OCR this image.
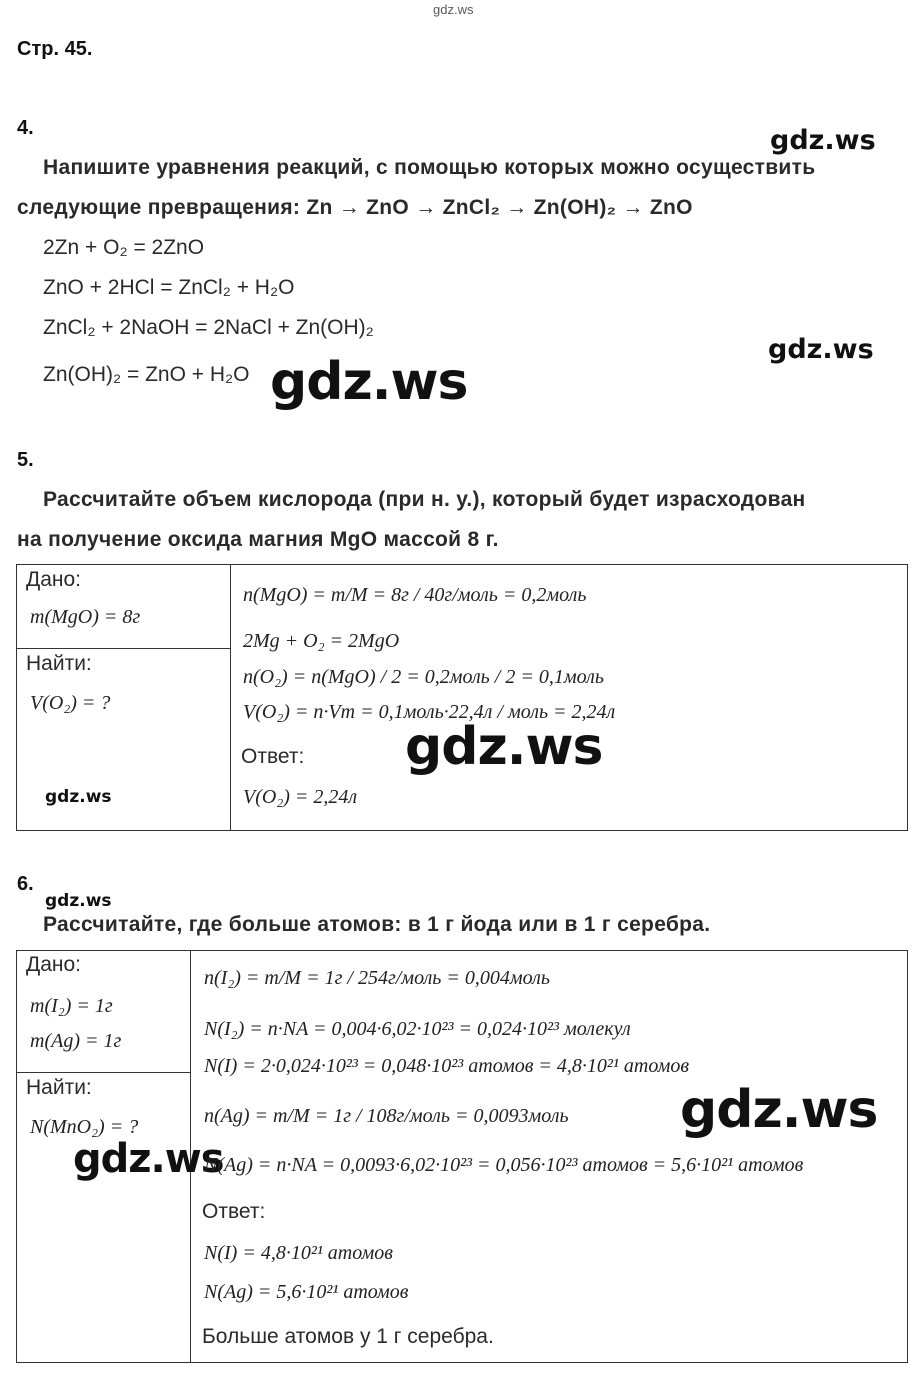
gdz.ws
Стр. 45.
4.	gdz.ws
Напишите уравнения реакций, с помощью которых можно осуществить
следующие превращения: Zn → ZnO → ZnCl₂ → Zn(OH)₂ → ZnO
2Zn + O₂ = 2ZnO
ZnO + 2HCl = ZnCl₂ + H₂O
ZnCl₂ + 2NaOH = 2NaCl + Zn(OH)₂
gdz.ws
Zn(OH)₂ = ZnO + H₂O gdz.ws
5.
Рассчитайте объем кислорода (при н. у.), который будет израсходован
на получение оксида магния MgO массой 8 г.
Дано:
m(MgO) = 8г
Найти:
V(O₂) = ?
gdz.ws
n(MgO) = m/M = 8г / 40г/моль = 0,2моль
2Mg + O₂ = 2MgO
n(O₂) = n(MgO) / 2 = 0,2моль / 2 = 0,1моль
V(O₂) = n·Vm = 0,1моль·22,4л / моль = 2,24л
Ответ: gdz.ws
V(O₂) = 2,24л
6.
gdz.ws
Рассчитайте, где больше атомов: в 1 г йода или в 1 г серебра.
Дано:
m(I₂) = 1г
m(Ag) = 1г
Найти:
N(MnO₂) = ?
gdz.ws
n(I₂) = m/M = 1г / 254г/моль = 0,004моль
N(I₂) = n·NA = 0,004·6,02·10²³ = 0,024·10²³ молекул
N(I) = 2·0,024·10²³ = 0,048·10²³ атомов = 4,8·10²¹ атомов
gdz.ws
n(Ag) = m/M = 1г / 108г/моль = 0,0093моль
N(Ag) = n·NA = 0,0093·6,02·10²³ = 0,056·10²³ атомов = 5,6·10²¹ атомов
Ответ:
N(I) = 4,8·10²¹ атомов
N(Ag) = 5,6·10²¹ атомов
Больше атомов у 1 г серебра.
